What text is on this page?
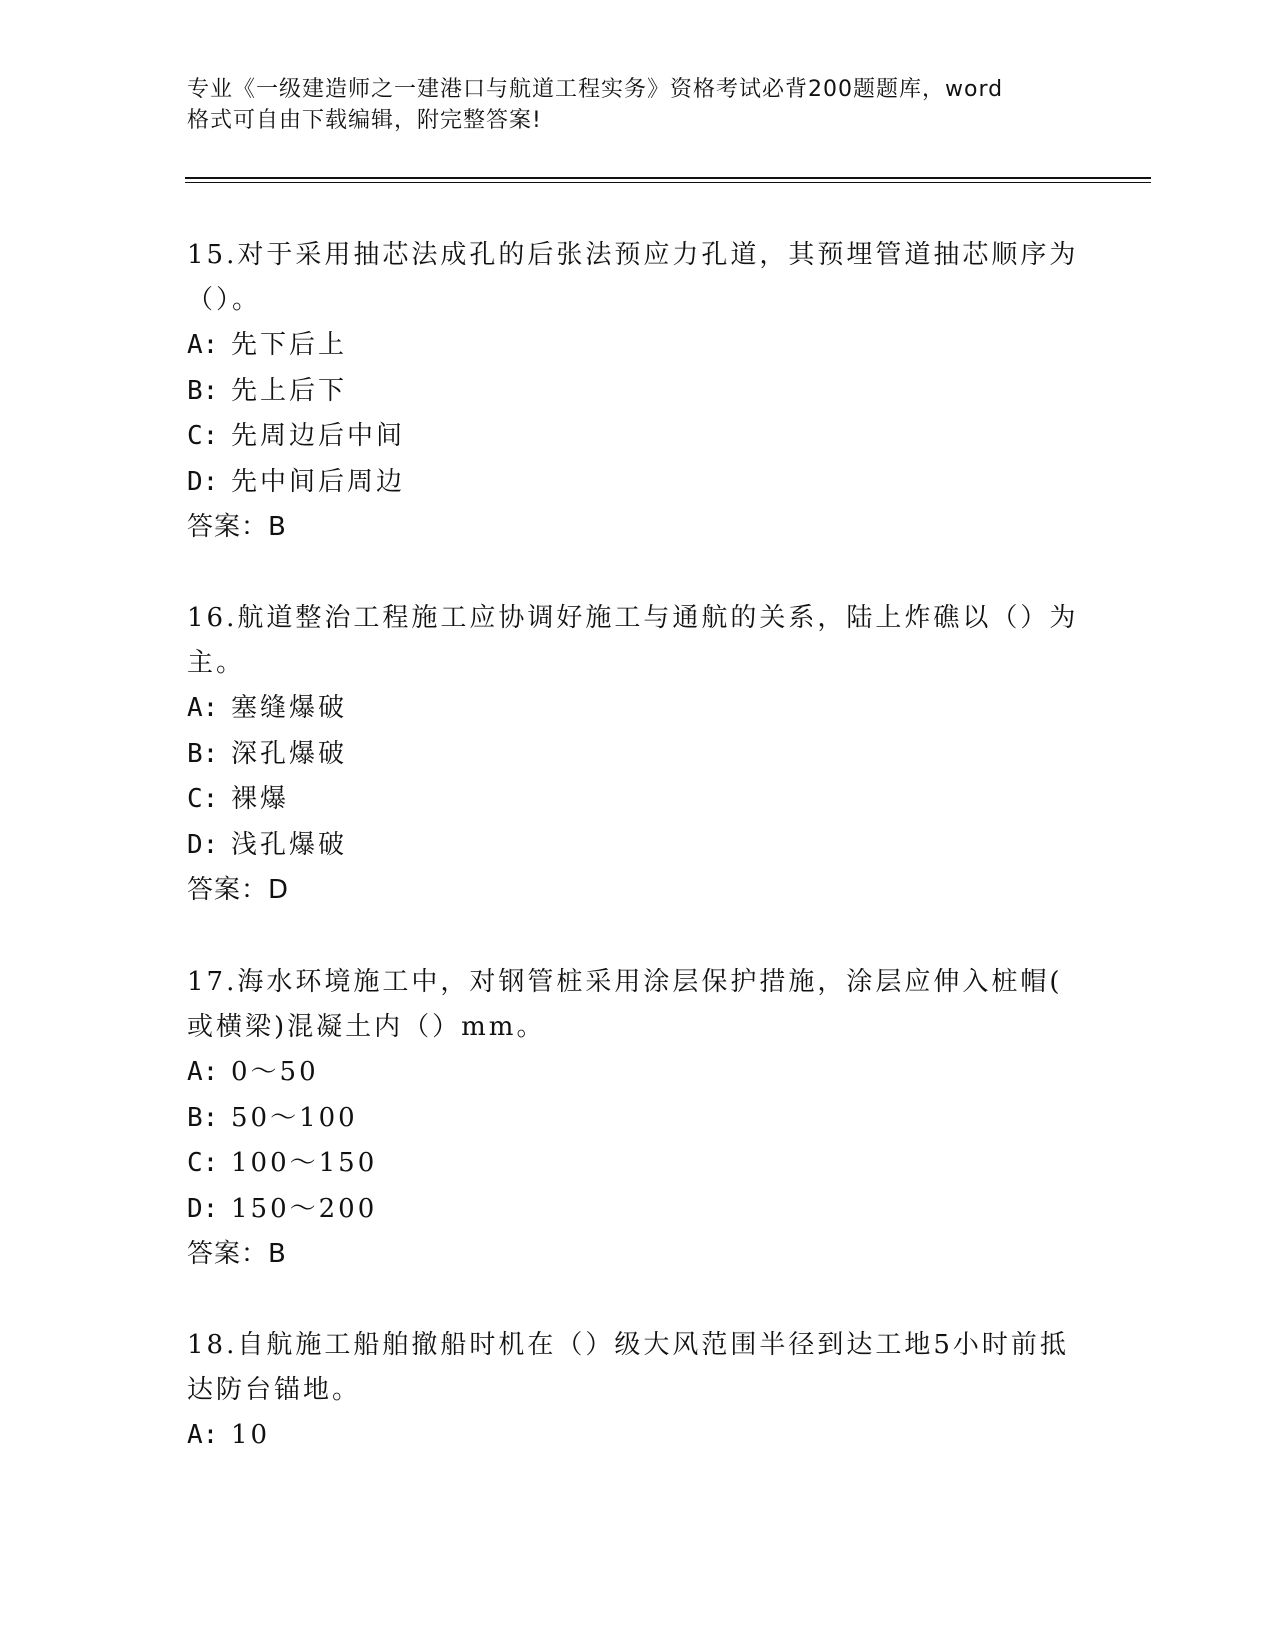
专业《一级建造师之一建港口与航道工程实务》资格考试必背200题题库，word
格式可自由下载编辑，附完整答案!

15.对于采用抽芯法成孔的后张法预应力孔道，其预埋管道抽芯顺序为

（）。

A: 先下后上

B: 先上后下

C: 先周边后中间

D: 先中间后周边

答案：B

16.航道整治工程施工应协调好施工与通航的关系，陆上炸礁以（）为

主。

A: 塞缝爆破

B: 深孔爆破

C: 裸爆

D: 浅孔爆破

答案：D

17.海水环境施工中，对钢管桩采用涂层保护措施，涂层应伸入桩帽(

或横梁)混凝土内（）mm。

A: 0～50

B: 50～100

C: 100～150

D: 150～200

答案：B

18.自航施工船舶撤船时机在（）级大风范围半径到达工地5小时前抵

达防台锚地。

A: 10
